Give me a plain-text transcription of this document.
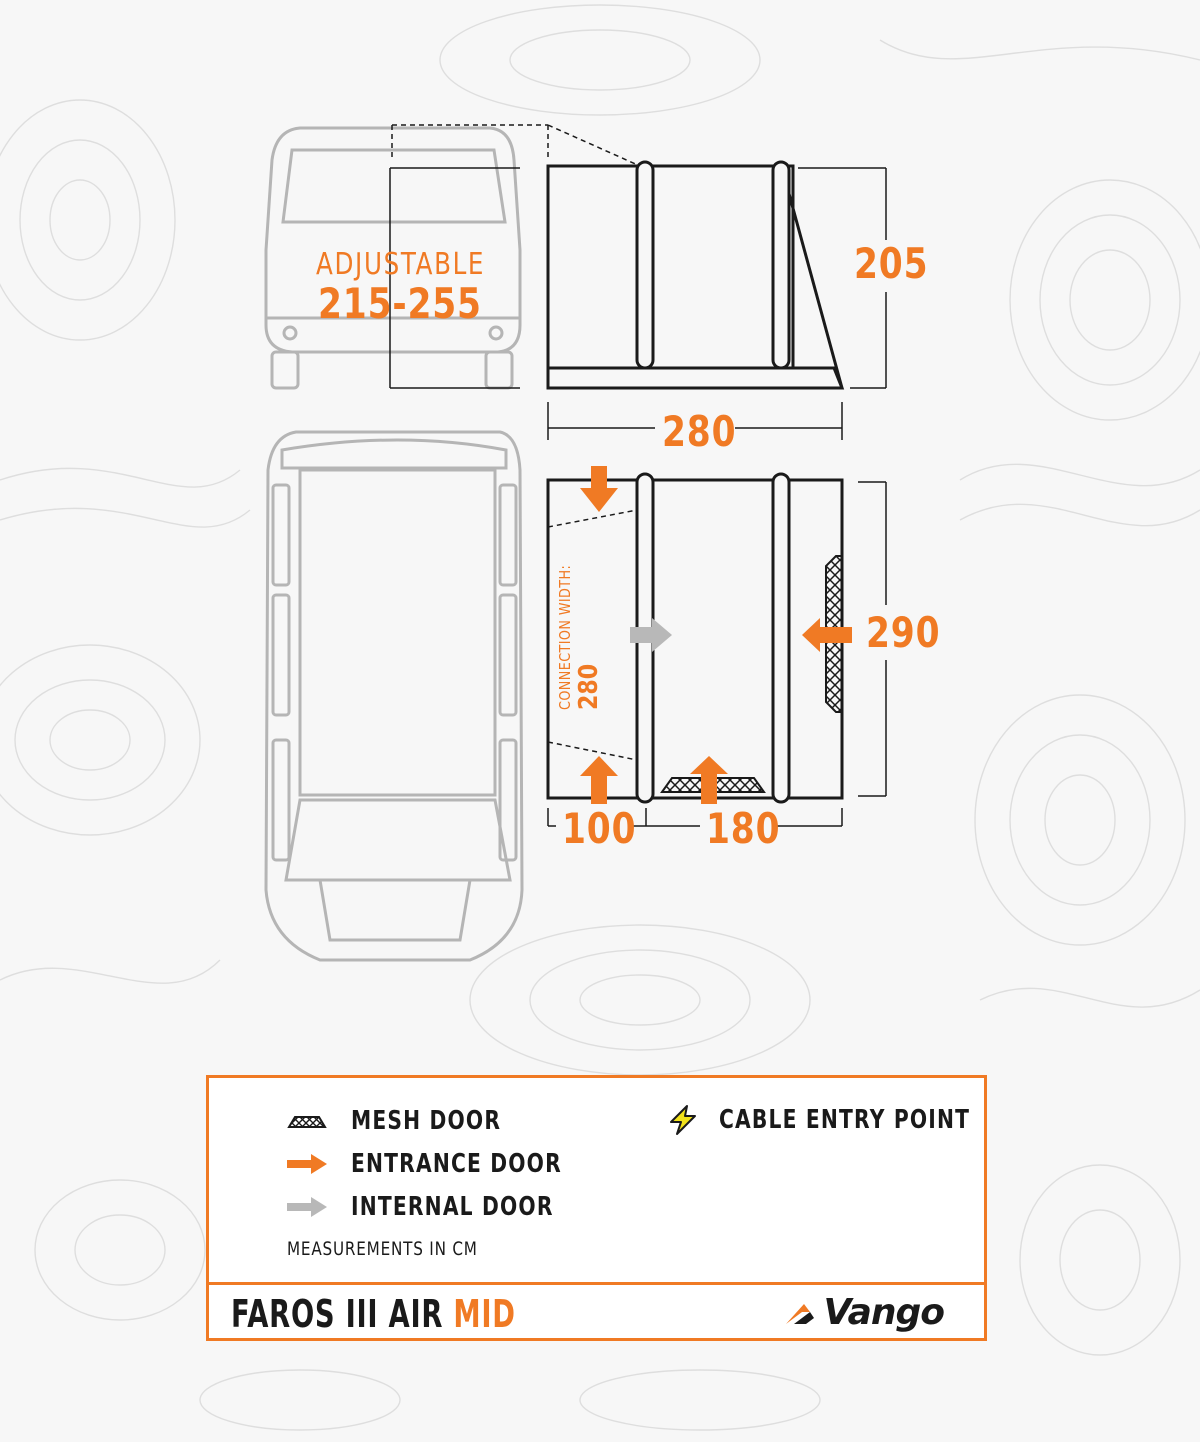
ADJUSTABLE
215-255
205
280
290
100 180
CONNECTION WIDTH: 280
MESH DOOR
ENTRANCE DOOR
INTERNAL DOOR
CABLE ENTRY POINT
MEASUREMENTS IN CM
FAROS III AIR MID	Vango
